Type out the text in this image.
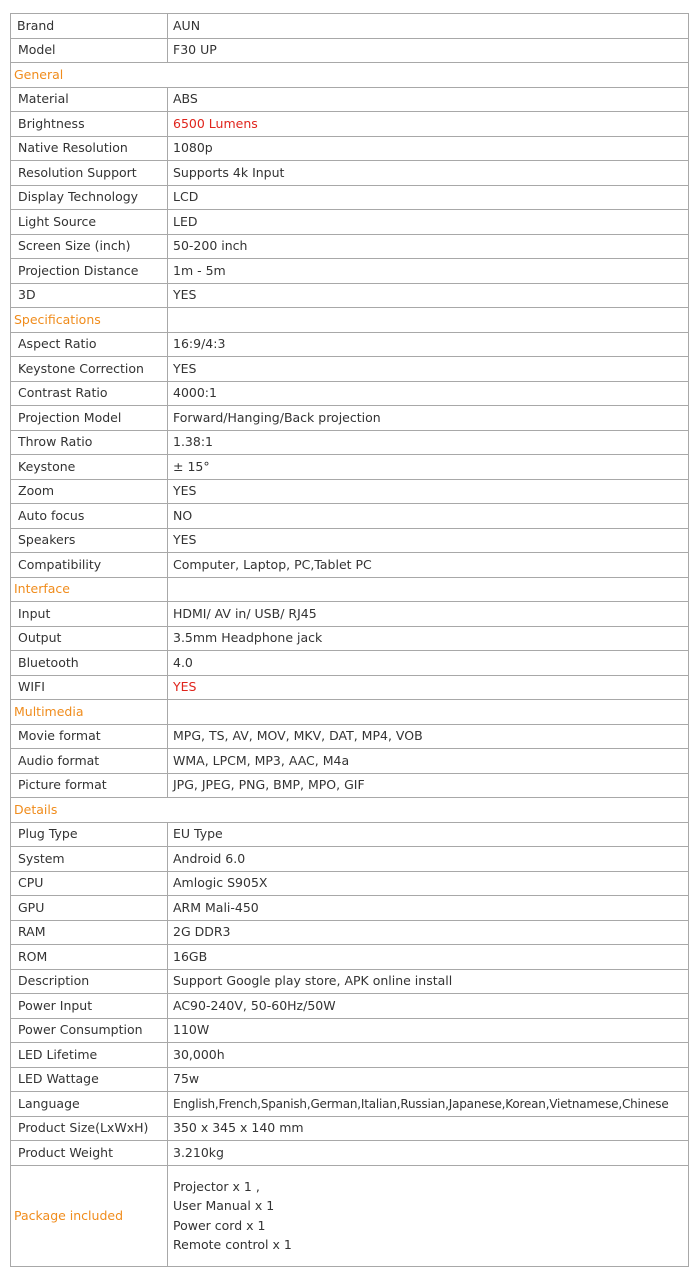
Brand	AUN
Model	F30 UP
General	
Material	ABS
Brightness	6500 Lumens
Native Resolution	1080p
Resolution Support	Supports 4k Input
Display Technology	LCD
Light Source	LED
Screen Size (inch)	50-200 inch
Projection Distance	1m - 5m
3D	YES
Specifications	
Aspect Ratio	16:9/4:3
Keystone Correction	YES
Contrast Ratio	4000:1
Projection Model	Forward/Hanging/Back projection
Throw Ratio	1.38:1
Keystone	± 15°
Zoom	YES
Auto focus	NO
Speakers	YES
Compatibility	Computer, Laptop, PC,Tablet PC
Interface	
Input	HDMI/ AV in/ USB/ RJ45
Output	3.5mm Headphone jack
Bluetooth	4.0
WIFI	YES
Multimedia	
Movie format	MPG, TS, AV, MOV, MKV, DAT, MP4, VOB
Audio format	WMA, LPCM, MP3, AAC, M4a
Picture format	JPG, JPEG, PNG, BMP, MPO, GIF
Details	
Plug Type	EU Type
System	Android 6.0
CPU	Amlogic S905X
GPU	ARM Mali-450
RAM	2G DDR3
ROM	16GB
Description	Support Google play store, APK online install
Power Input	AC90-240V, 50-60Hz/50W
Power Consumption	110W
LED Lifetime	30,000h
LED Wattage	75w
Language	English,French,Spanish,German,Italian,Russian,Japanese,Korean,Vietnamese,Chinese
Product Size(LxWxH)	350 x 345 x 140 mm
Product Weight	3.210kg
Package included	Projector x 1 ,
User Manual x 1
Power cord x 1
Remote control x 1
